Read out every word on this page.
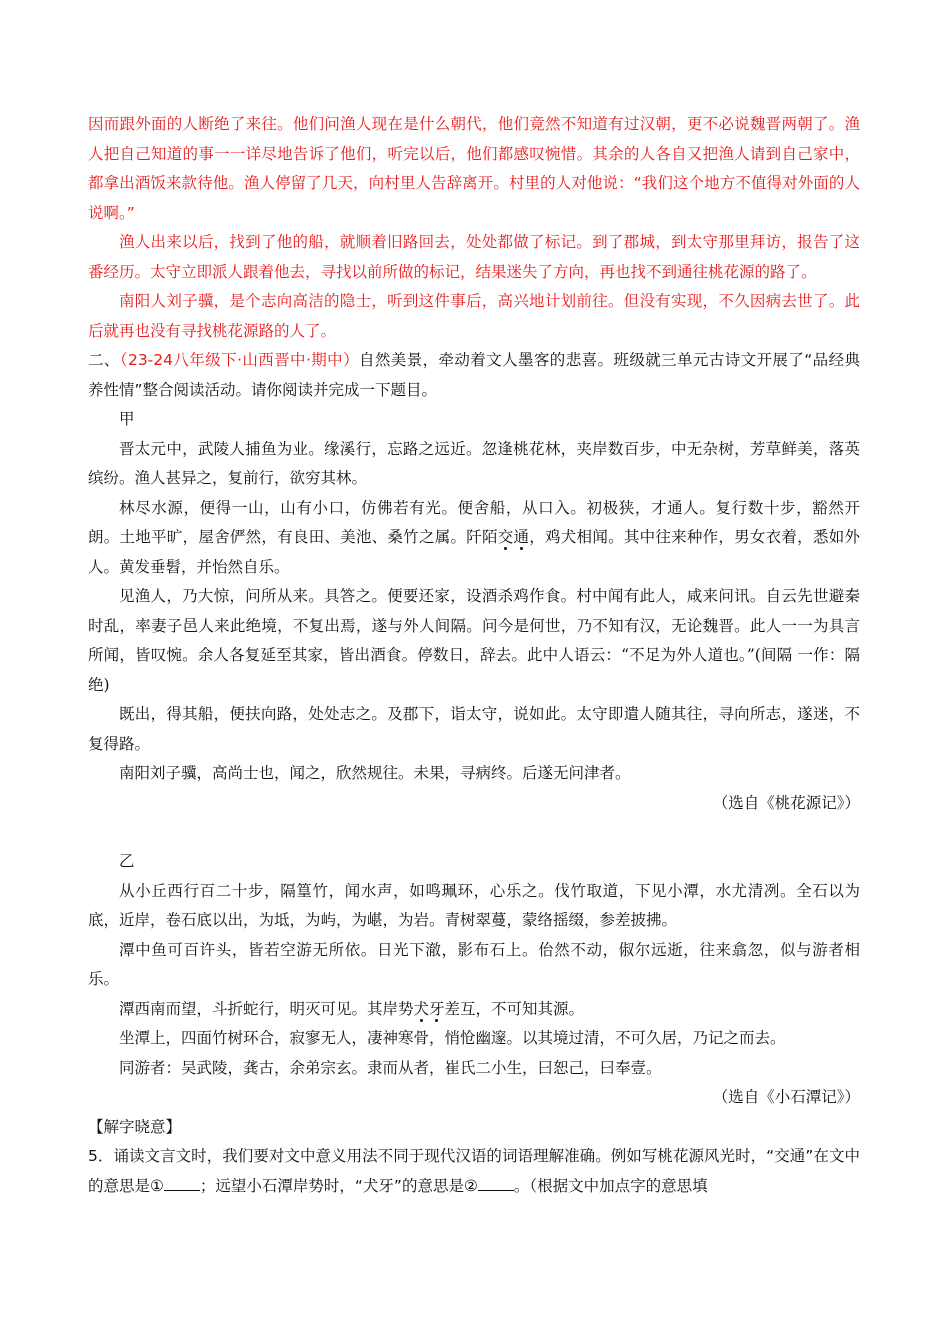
因而跟外面的人断绝了来往。他们问渔人现在是什么朝代，他们竟然不知道有过汉朝，更不必说魏晋两朝了。渔人把自己知道的事一一详尽地告诉了他们，听完以后，他们都感叹惋惜。其余的人各自又把渔人请到自己家中，都拿出酒饭来款待他。渔人停留了几天，向村里人告辞离开。村里的人对他说：“我们这个地方不值得对外面的人说啊。”

渔人出来以后，找到了他的船，就顺着旧路回去，处处都做了标记。到了郡城，到太守那里拜访，报告了这番经历。太守立即派人跟着他去，寻找以前所做的标记，结果迷失了方向，再也找不到通往桃花源的路了。

南阳人刘子骥，是个志向高洁的隐士，听到这件事后，高兴地计划前往。但没有实现，不久因病去世了。此后就再也没有寻找桃花源路的人了。

二、（23-24八年级下·山西晋中·期中）自然美景，牵动着文人墨客的悲喜。班级就三单元古诗文开展了“品经典 养性情”整合阅读活动。请你阅读并完成一下题目。

甲

晋太元中，武陵人捕鱼为业。缘溪行，忘路之远近。忽逢桃花林，夹岸数百步，中无杂树，芳草鲜美，落英缤纷。渔人甚异之，复前行，欲穷其林。

林尽水源，便得一山，山有小口，仿佛若有光。便舍船，从口入。初极狭，才通人。复行数十步，豁然开朗。土地平旷，屋舍俨然，有良田、美池、桑竹之属。阡陌交通，鸡犬相闻。其中往来种作，男女衣着，悉如外人。黄发垂髫，并怡然自乐。

见渔人，乃大惊，问所从来。具答之。便要还家，设酒杀鸡作食。村中闻有此人，咸来问讯。自云先世避秦时乱，率妻子邑人来此绝境，不复出焉，遂与外人间隔。问今是何世，乃不知有汉，无论魏晋。此人一一为具言所闻，皆叹惋。余人各复延至其家，皆出酒食。停数日，辞去。此中人语云：“不足为外人道也。”(间隔 一作：隔绝)

既出，得其船，便扶向路，处处志之。及郡下，诣太守，说如此。太守即遣人随其往，寻向所志，遂迷，不复得路。

南阳刘子骥，高尚士也，闻之，欣然规往。未果，寻病终。后遂无问津者。

（选自《桃花源记》）

乙

从小丘西行百二十步，隔篁竹，闻水声，如鸣珮环，心乐之。伐竹取道，下见小潭，水尤清冽。全石以为底，近岸，卷石底以出，为坻，为屿，为嵁，为岩。青树翠蔓，蒙络摇缀，参差披拂。

潭中鱼可百许头，皆若空游无所依。日光下澈，影布石上。佁然不动，俶尔远逝，往来翕忽，似与游者相乐。

潭西南而望，斗折蛇行，明灭可见。其岸势犬牙差互，不可知其源。

坐潭上，四面竹树环合，寂寥无人，凄神寒骨，悄怆幽邃。以其境过清，不可久居，乃记之而去。

同游者：吴武陵，龚古，余弟宗玄。隶而从者，崔氏二小生，曰恕己，曰奉壹。

（选自《小石潭记》）

【解字晓意】

5．诵读文言文时，我们要对文中意义用法不同于现代汉语的词语理解准确。例如写桃花源风光时，“交通”在文中的意思是① ；远望小石潭岸势时，“犬牙”的意思是② 。（根据文中加点字的意思填
